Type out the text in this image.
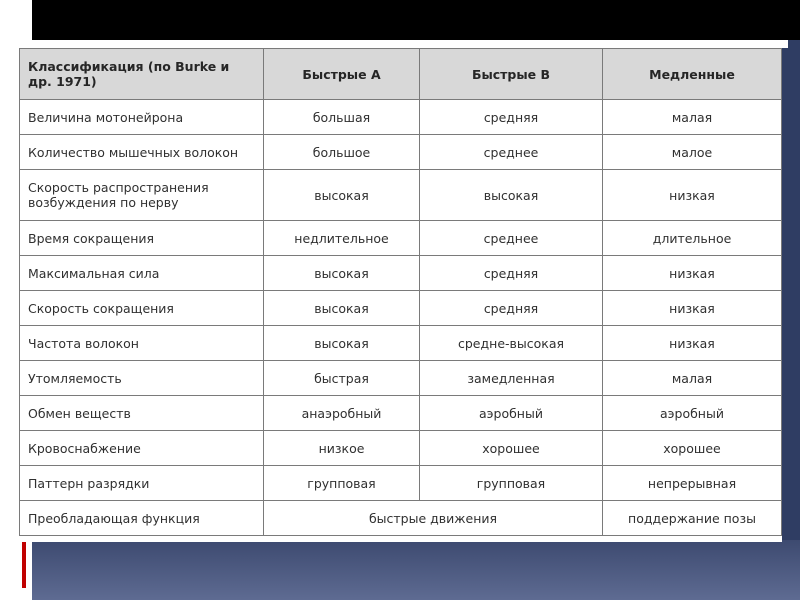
Классификация (по Burke и др. 1971)	Быстрые А	Быстрые В	Медленные
Величина мотонейрона	большая	средняя	малая
Количество мышечных волокон	большое	среднее	малое
Скорость распространения возбуждения по нерву	высокая	высокая	низкая
Время сокращения	недлительное	среднее	длительное
Максимальная сила	высокая	средняя	низкая
Скорость сокращения	высокая	средняя	низкая
Частота волокон	высокая	средне-высокая	низкая
Утомляемость	быстрая	замедленная	малая
Обмен веществ	анаэробный	аэробный	аэробный
Кровоснабжение	низкое	хорошее	хорошее
Паттерн разрядки	групповая	групповая	непрерывная
Преобладающая функция	быстрые движения		поддержание позы
